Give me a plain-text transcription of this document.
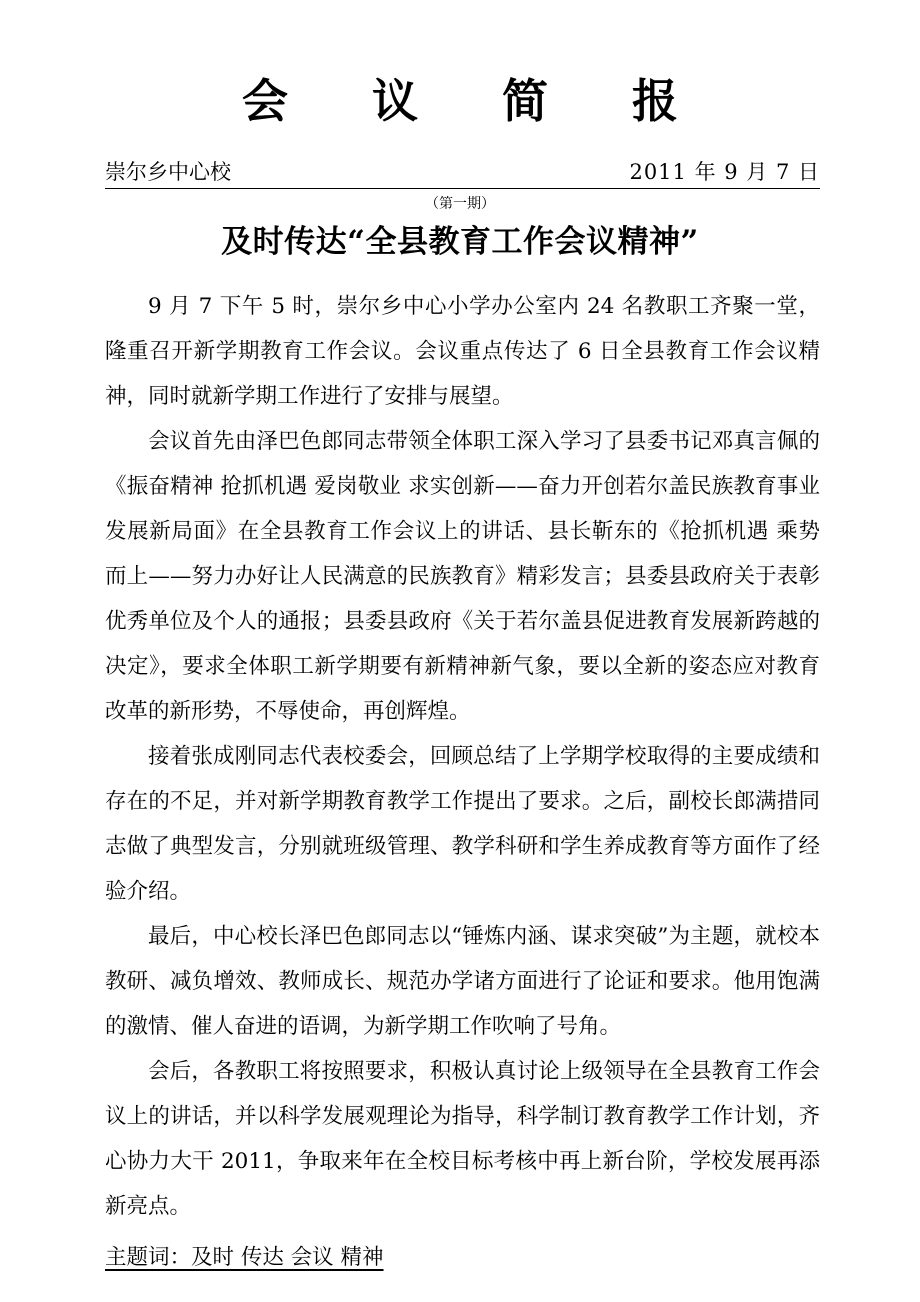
会 议 简 报
崇尔乡中心校	2011 年 9 月 7 日
（第一期）
及时传达“全县教育工作会议精神”

9 月 7 下午 5 时，崇尔乡中心小学办公室内 24 名教职工齐聚一堂，隆重召开新学期教育工作会议。会议重点传达了 6 日全县教育工作会议精神，同时就新学期工作进行了安排与展望。

会议首先由泽巴色郎同志带领全体职工深入学习了县委书记邓真言佩的《振奋精神 抢抓机遇 爱岗敬业 求实创新——奋力开创若尔盖民族教育事业发展新局面》在全县教育工作会议上的讲话、县长靳东的《抢抓机遇 乘势而上——努力办好让人民满意的民族教育》精彩发言；县委县政府关于表彰优秀单位及个人的通报；县委县政府《关于若尔盖县促进教育发展新跨越的决定》，要求全体职工新学期要有新精神新气象，要以全新的姿态应对教育改革的新形势，不辱使命，再创辉煌。

接着张成刚同志代表校委会，回顾总结了上学期学校取得的主要成绩和存在的不足，并对新学期教育教学工作提出了要求。之后，副校长郎满措同志做了典型发言，分别就班级管理、教学科研和学生养成教育等方面作了经验介绍。

最后，中心校长泽巴色郎同志以“锤炼内涵、谋求突破”为主题，就校本教研、减负增效、教师成长、规范办学诸方面进行了论证和要求。他用饱满的激情、催人奋进的语调，为新学期工作吹响了号角。

会后，各教职工将按照要求，积极认真讨论上级领导在全县教育工作会议上的讲话，并以科学发展观理论为指导，科学制订教育教学工作计划，齐心协力大干 2011，争取来年在全校目标考核中再上新台阶，学校发展再添新亮点。

主题词：及时 传达 会议 精神
